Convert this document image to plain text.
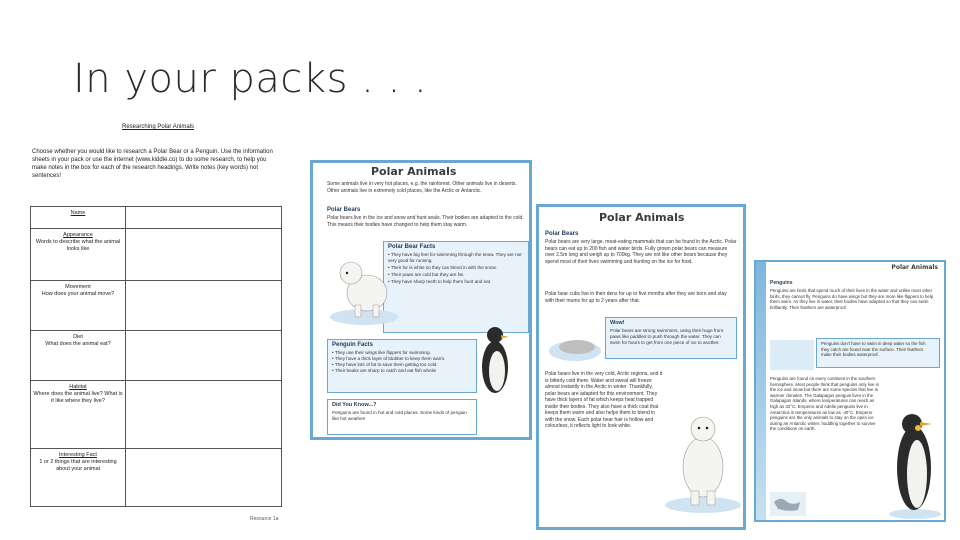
In your packs . . .
Researching Polar Animals
Choose whether you would like to research a Polar Bear or a Penguin. Use the information sheets in your pack or use the internet (www.kiddle.co) to do some research, to help you make notes in the box for each of the research headings. Write notes (key words) not sentences!
Name	

Appearance
Words to describe what the animal looks like	

Movement
How does your animal move?	

Diet
What does the animal eat?	

Habitat
Where does the animal live? What is it like where they live?	

Interesting Fact
1 or 2 things that are interesting about your animal	

Resource 1a
Polar Animals
Some animals live in very hot places, e.g. the rainforest. Other animals live in deserts. Other animals live in extremely cold places, like the Arctic or Antarctic.
Polar Bears
Polar bears live in the ice and snow and hunt seals. Their bodies are adapted to the cold. This means their bodies have changed to help them stay warm.
Polar Bear Facts
• They have big feet for swimming through the snow. They are not very good for running.
• Their fur is white so they can blend in with the snow.
• Their paws are cold but they are fat.
• They have sharp teeth to help them hunt and eat.
Penguin Facts
• They use their wings like flippers for swimming.
• They have a thick layer of blubber to keep them warm.
• They have lots of fat to save them getting too cold.
• Their beaks are sharp to catch and eat fish whole!
Did You Know...?
Penguins are found in hot and cold places. Some kinds of penguin like hot weather!
Polar Animals
Polar Bears
Polar bears are very large, meat-eating mammals that can be found in the Arctic. Polar bears can eat up to 200 fish and water birds. Fully grown polar bears can measure over 2.5m long and weigh up to 700kg. They are not like other bears because they spend most of their lives swimming and hunting on the ice for food.
Polar bear cubs live in their dens for up to five months after they are born and stay with their mums for up to 2 years after that.
Wow!
Polar bears are strong swimmers, using their huge front paws like paddles to push through the water. They can swim for hours to get from one piece of ice to another.
Polar bears live in the very cold, Arctic regions, and it is bitterly cold there. Water and sweat will freeze almost instantly in the Arctic in winter. Thankfully, polar bears are adapted for this environment. They have thick layers of fat which keeps heat trapped inside their bodies. They also have a thick coat that keeps them warm and also helps them to blend in with the snow. Each polar bear hair is hollow and colourless, it reflects light to look white.
Polar Animals
Penguins
Penguins are birds that spend much of their lives in the water and unlike most other birds, they cannot fly. Penguins do have wings but they are more like flippers to help them swim. As they live in water, their bodies have adapted so that they can swim brilliantly. Their feathers are waterproof.
Penguins don't have to swim in deep water so the fish they catch are found near the surface. Their feathers make their bodies waterproof.
Penguins are found on every continent in the southern hemisphere. Most people think that penguins only live in the ice and snow but there are some species that live in warmer climates. The Galapagos penguin lives in the Galapagos Islands, where temperatures can reach as high as 32°C. Emperor and Adelie penguins live in Antarctica in temperatures as low as -40°C. Emperor penguins are the only animals to stay on the open ice during an Antarctic winter, huddling together to survive the conditions on earth.
